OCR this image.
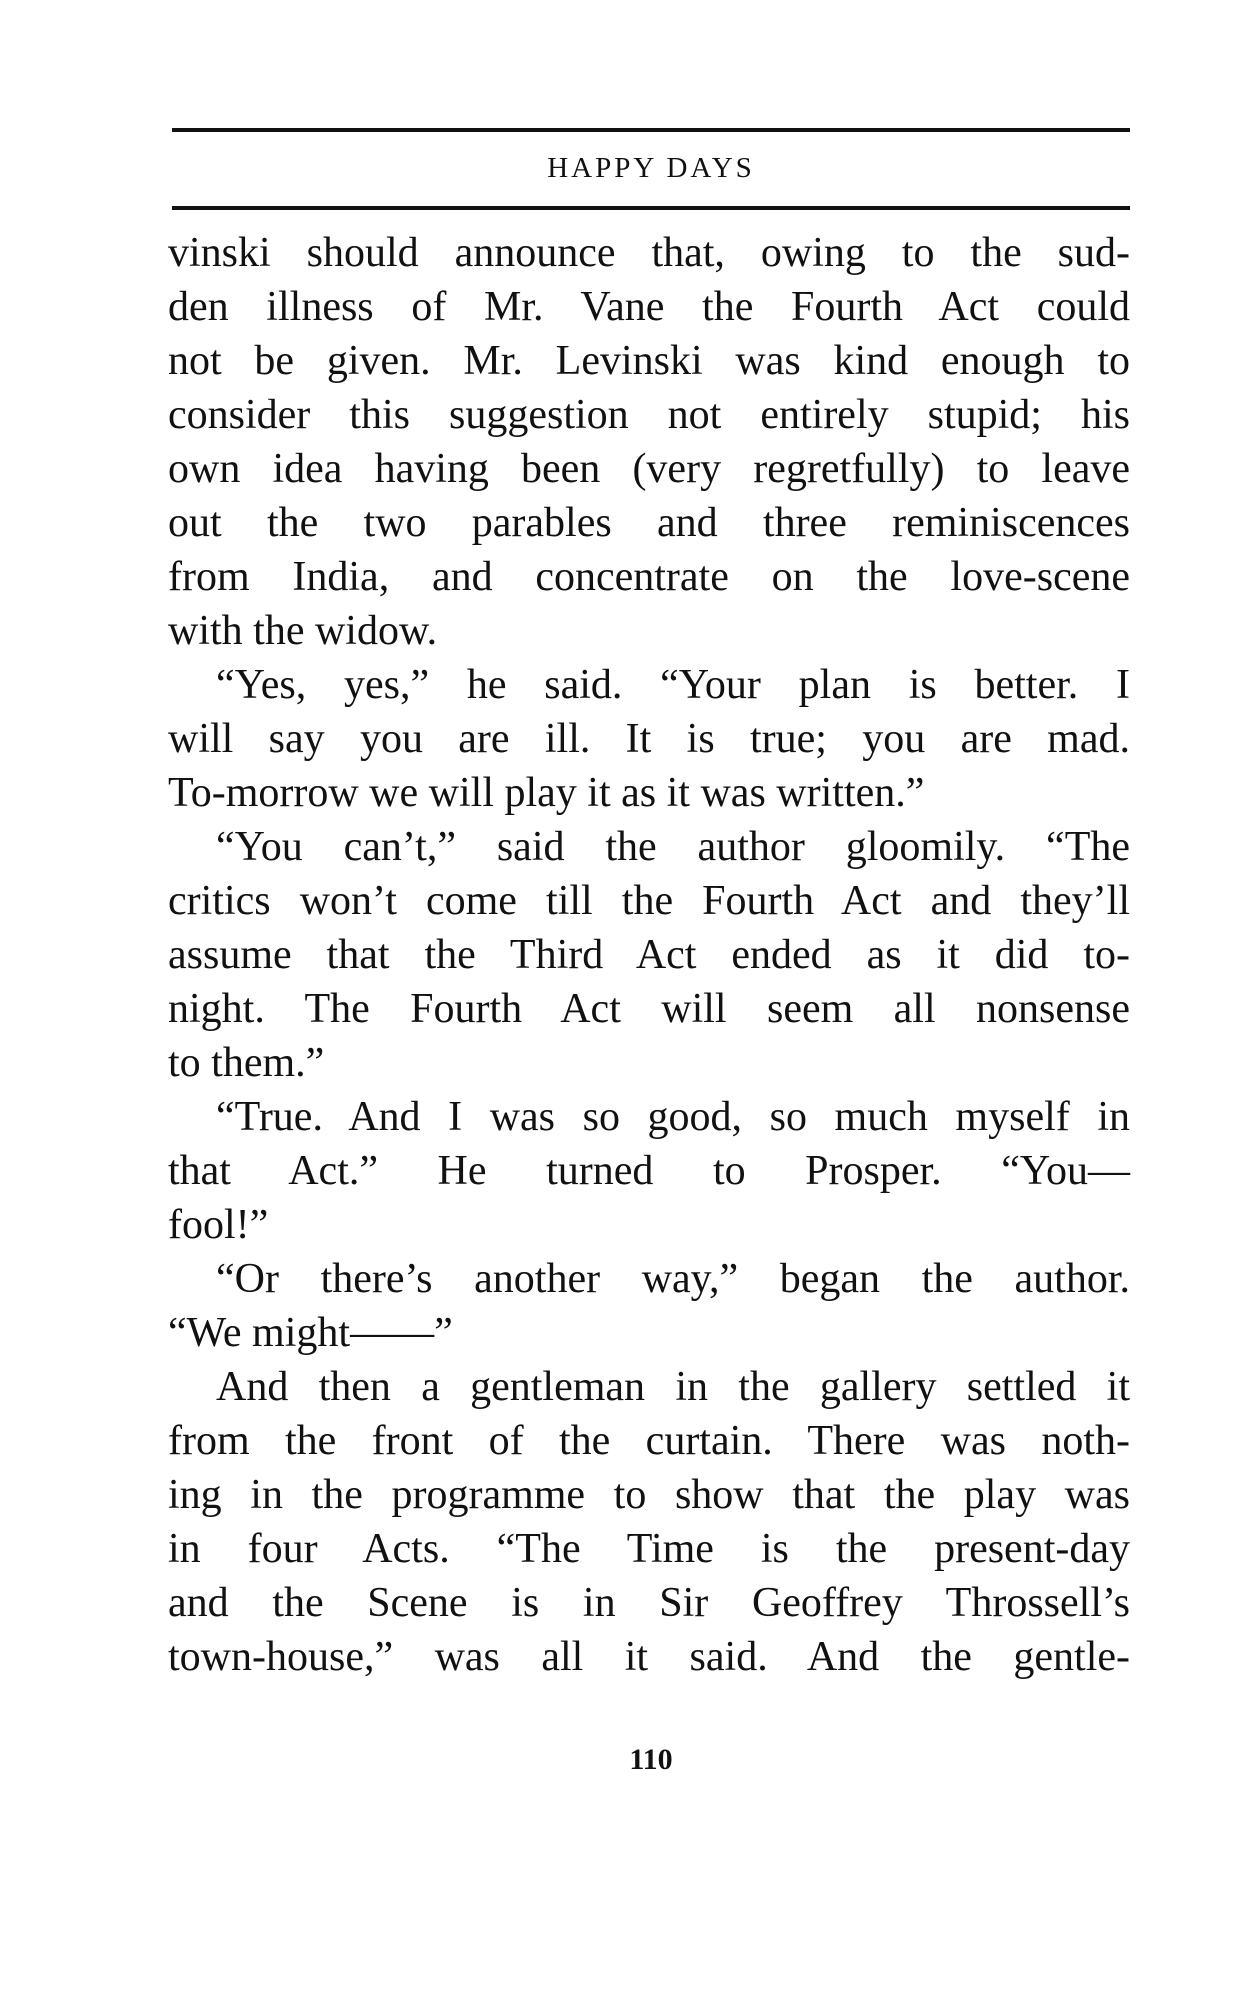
HAPPY DAYS
vinski should announce that, owing to the sud-
den illness of Mr. Vane the Fourth Act could
not be given. Mr. Levinski was kind enough to
consider this suggestion not entirely stupid; his
own idea having been (very regretfully) to leave
out the two parables and three reminiscences
from India, and concentrate on the love-scene
with the widow.
“Yes, yes,” he said. “Your plan is better. I
will say you are ill. It is true; you are mad.
To-morrow we will play it as it was written.”
“You can’t,” said the author gloomily. “The
critics won’t come till the Fourth Act and they’ll
assume that the Third Act ended as it did to-
night. The Fourth Act will seem all nonsense
to them.”
“True. And I was so good, so much myself in
that Act.” He turned to Prosper. “You—
fool!”
“Or there’s another way,” began the author.
“We might——”
And then a gentleman in the gallery settled it
from the front of the curtain. There was noth-
ing in the programme to show that the play was
in four Acts. “The Time is the present-day
and the Scene is in Sir Geoffrey Throssell’s
town-house,” was all it said. And the gentle-
110
